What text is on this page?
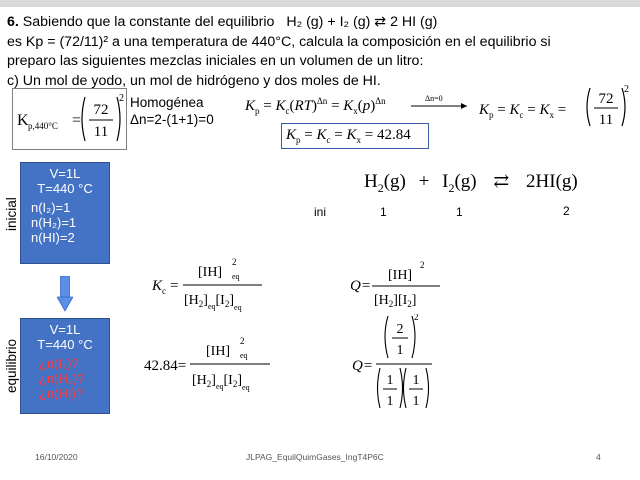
6. Sabiendo que la constante del equilibrio H₂ (g) + I₂ (g) ⇄ 2 HI (g)
es Kp = (72/11)² a una temperatura de 440°C, calcula la composición en el equilibrio si
preparo las siguientes mezclas iniciales en un volumen de un litro:
c) Un mol de yodo, un mol de hidrógeno y dos moles de HI.
K p,440°C =
72
11
2 Homogénea
Δn=2-(1+1)=0
$K_p = K_c(RT)^{\Delta n} = K_x(p)^{\Delta n}$	Δn=0
$K_p = K_c = K_x$ =
72
11
2
$K_p = K_c = K_x = 42.84$
$H_2(g) + I_2(g)$ ⇄ 2HI(g)
ini	1	1	2
inicial
V=1L
T=440 °C
n(I₂)=1
n(H₂)=1
n(HI)=2
equilibrio
V=1L
T=440 °C
¿n(I₂)?
¿n(H₂)?
¿n(HI)?
K c =
[IH]
2
eq
$[H_2]_{eq}[I_2]_{eq}$
Q=
[IH]
2
$[H_2][I_2]$
42.84=
[IH]
2
eq
$[H_2]_{eq}[I_2]_{eq}$
Q=
2
1
2
1
1
1
1
16/10/2020	JLPAG_EquilQuimGases_IngT4P6C	4
